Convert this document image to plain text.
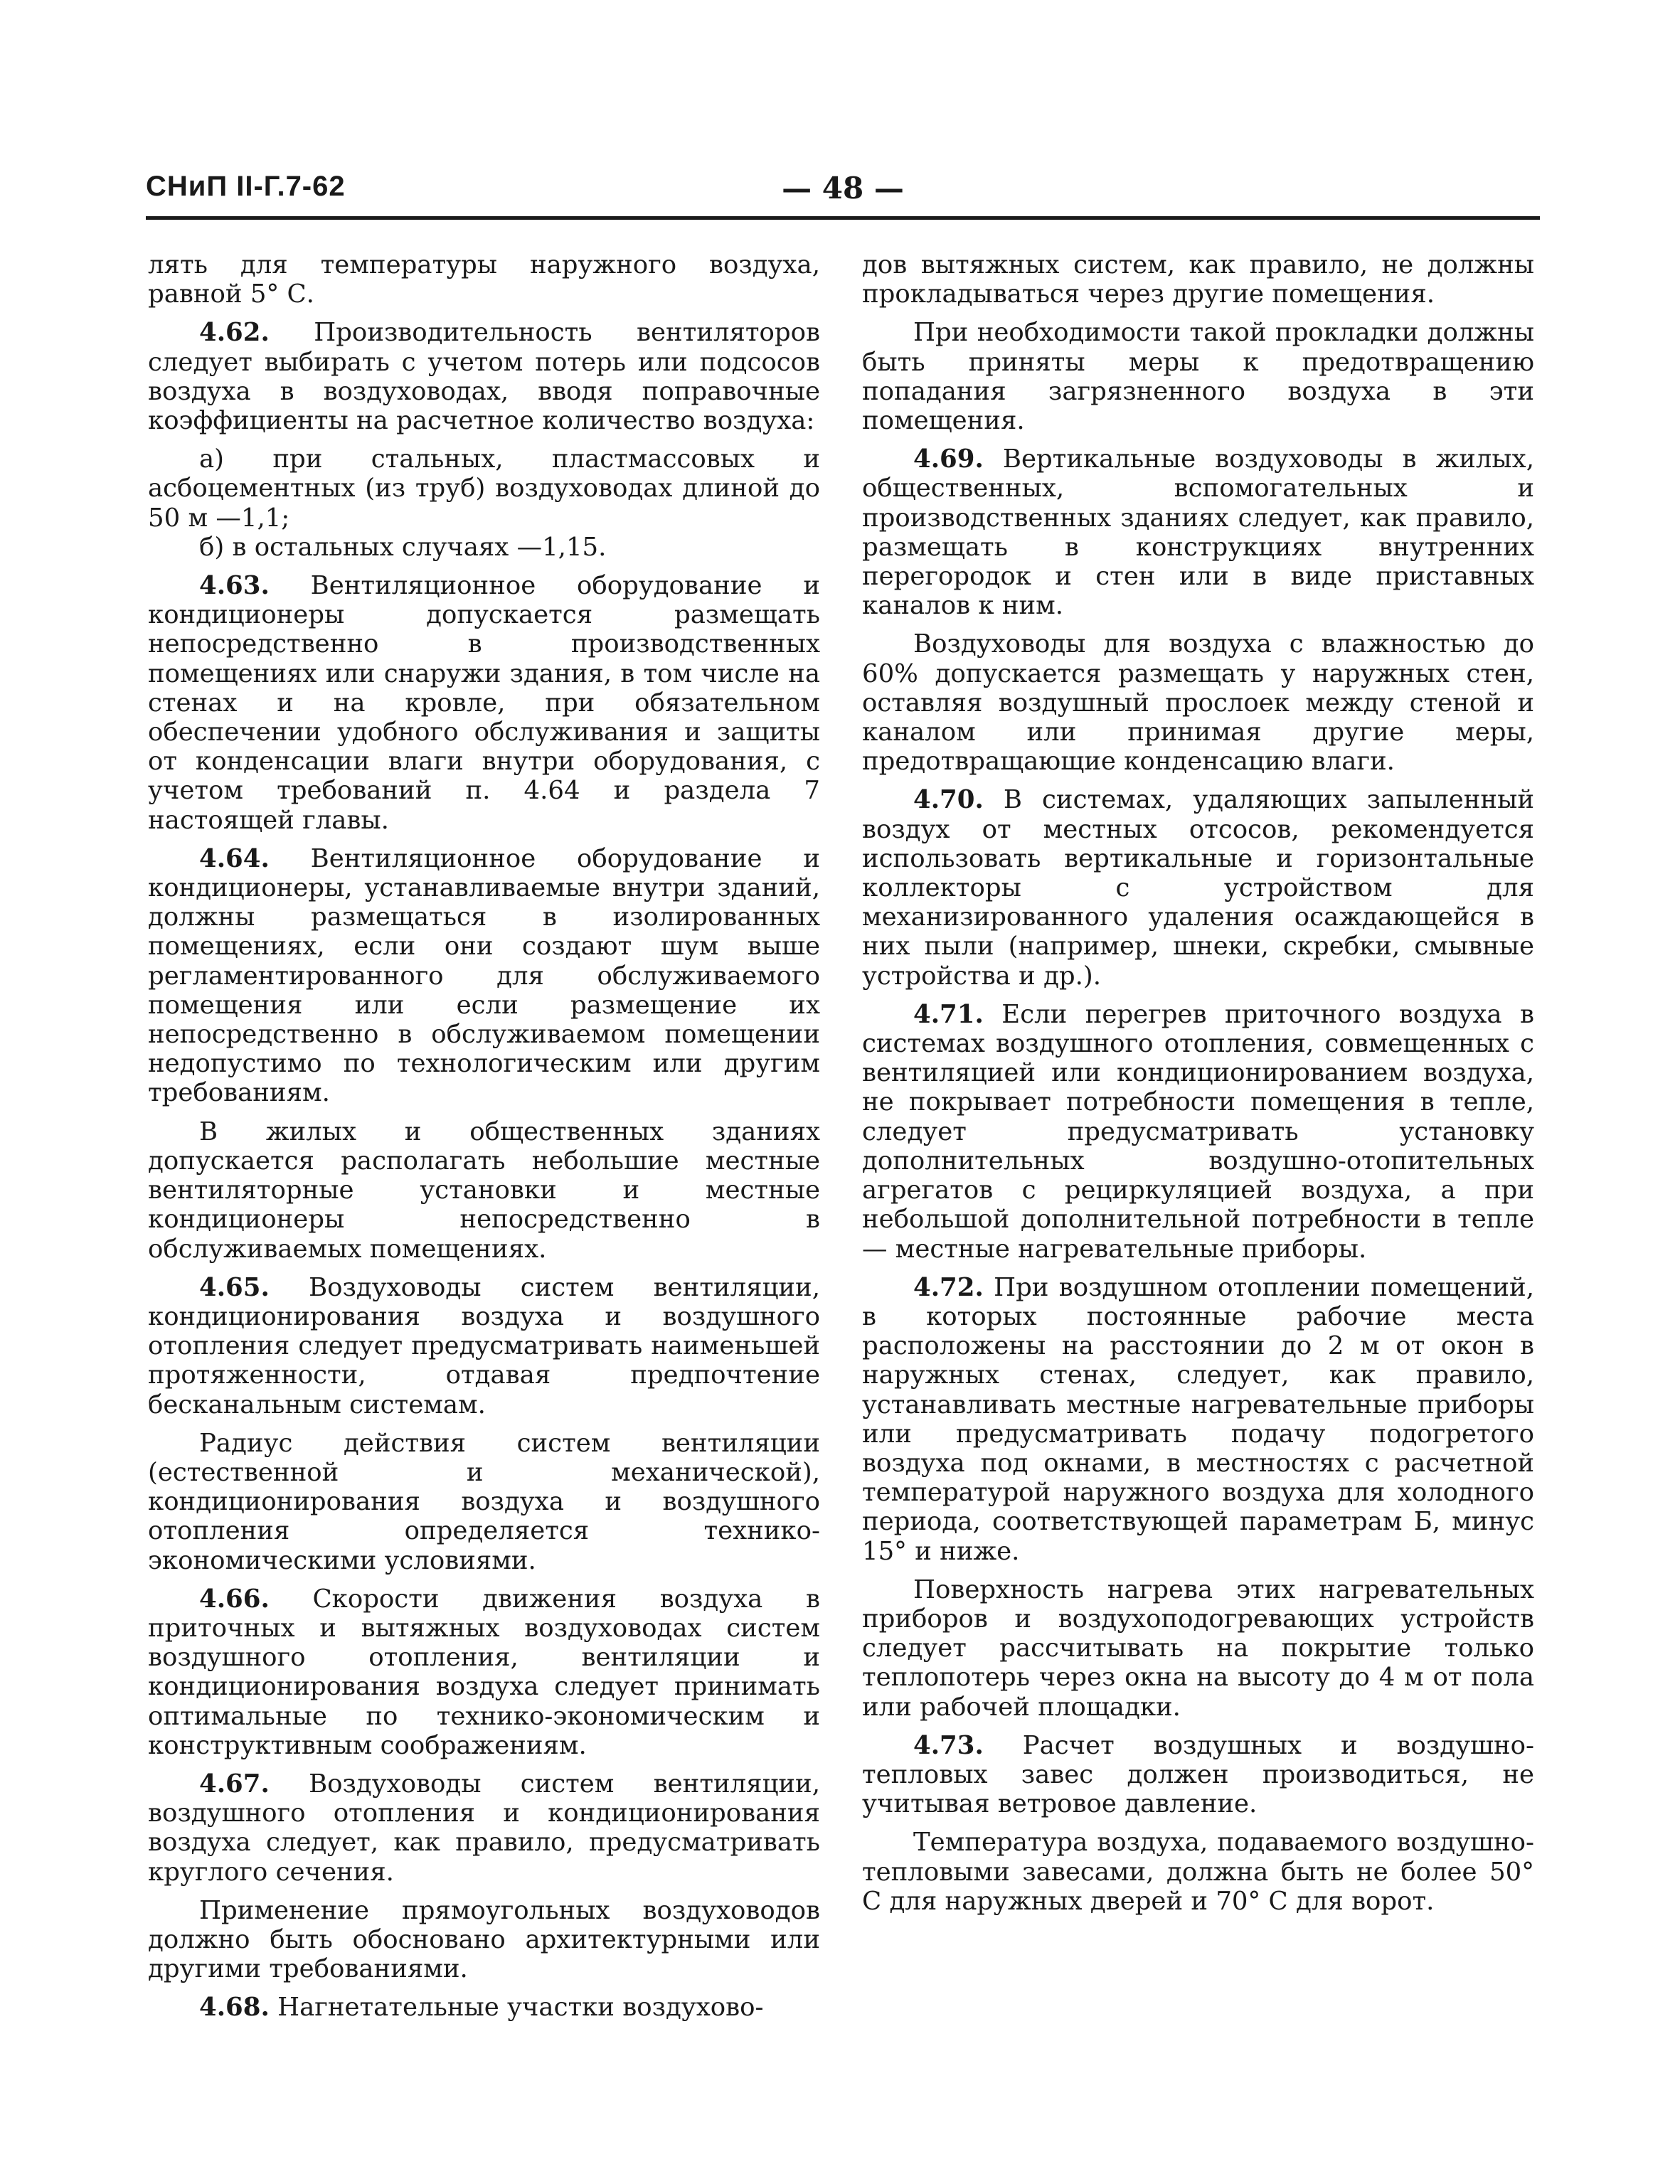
СНиП II-Г.7-62	— 48 —

лять для температуры наружного воздуха, равной 5° С.

4.62. Производительность вентиляторов следует выбирать с учетом потерь или подсосов воздуха в воздуховодах, вводя поправочные коэффициенты на расчетное количество воздуха:

а) при стальных, пластмассовых и асбоцементных (из труб) воздуховодах длиной до 50 м —1,1;

б) в остальных случаях —1,15.

4.63. Вентиляционное оборудование и кондиционеры допускается размещать непосредственно в производственных помещениях или снаружи здания, в том числе на стенах и на кровле, при обязательном обеспечении удобного обслуживания и защиты от конденсации влаги внутри оборудования, с учетом требований п. 4.64 и раздела 7 настоящей главы.

4.64. Вентиляционное оборудование и кондиционеры, устанавливаемые внутри зданий, должны размещаться в изолированных помещениях, если они создают шум выше регламентированного для обслуживаемого помещения или если размещение их непосредственно в обслуживаемом помещении недопустимо по технологическим или другим требованиям.

В жилых и общественных зданиях допускается располагать небольшие местные вентиляторные установки и местные кондиционеры непосредственно в обслуживаемых помещениях.

4.65. Воздуховоды систем вентиляции, кондиционирования воздуха и воздушного отопления следует предусматривать наименьшей протяженности, отдавая предпочтение бесканальным системам.

Радиус действия систем вентиляции (естественной и механической), кондиционирования воздуха и воздушного отопления определяется технико-экономическими условиями.

4.66. Скорости движения воздуха в приточных и вытяжных воздуховодах систем воздушного отопления, вентиляции и кондиционирования воздуха следует принимать оптимальные по технико-экономическим и конструктивным соображениям.

4.67. Воздуховоды систем вентиляции, воздушного отопления и кондиционирования воздуха следует, как правило, предусматривать круглого сечения.

Применение прямоугольных воздуховодов должно быть обосновано архитектурными или другими требованиями.

4.68. Нагнетательные участки воздухово-

дов вытяжных систем, как правило, не должны прокладываться через другие помещения.

При необходимости такой прокладки должны быть приняты меры к предотвращению попадания загрязненного воздуха в эти помещения.

4.69. Вертикальные воздуховоды в жилых, общественных, вспомогательных и производственных зданиях следует, как правило, размещать в конструкциях внутренних перегородок и стен или в виде приставных каналов к ним.

Воздуховоды для воздуха с влажностью до 60% допускается размещать у наружных стен, оставляя воздушный прослоек между стеной и каналом или принимая другие меры, предотвращающие конденсацию влаги.

4.70. В системах, удаляющих запыленный воздух от местных отсосов, рекомендуется использовать вертикальные и горизонтальные коллекторы с устройством для механизированного удаления осаждающейся в них пыли (например, шнеки, скребки, смывные устройства и др.).

4.71. Если перегрев приточного воздуха в системах воздушного отопления, совмещенных с вентиляцией или кондиционированием воздуха, не покрывает потребности помещения в тепле, следует предусматривать установку дополнительных воздушно-отопительных агрегатов с рециркуляцией воздуха, а при небольшой дополнительной потребности в тепле — местные нагревательные приборы.

4.72. При воздушном отоплении помещений, в которых постоянные рабочие места расположены на расстоянии до 2 м от окон в наружных стенах, следует, как правило, устанавливать местные нагревательные приборы или предусматривать подачу подогретого воздуха под окнами, в местностях с расчетной температурой наружного воздуха для холодного периода, соответствующей параметрам Б, минус 15° и ниже.

Поверхность нагрева этих нагревательных приборов и воздухоподогревающих устройств следует рассчитывать на покрытие только теплопотерь через окна на высоту до 4 м от пола или рабочей площадки.

4.73. Расчет воздушных и воздушно-тепловых завес должен производиться, не учитывая ветровое давление.

Температура воздуха, подаваемого воздушно-тепловыми завесами, должна быть не более 50° С для наружных дверей и 70° С для ворот.
